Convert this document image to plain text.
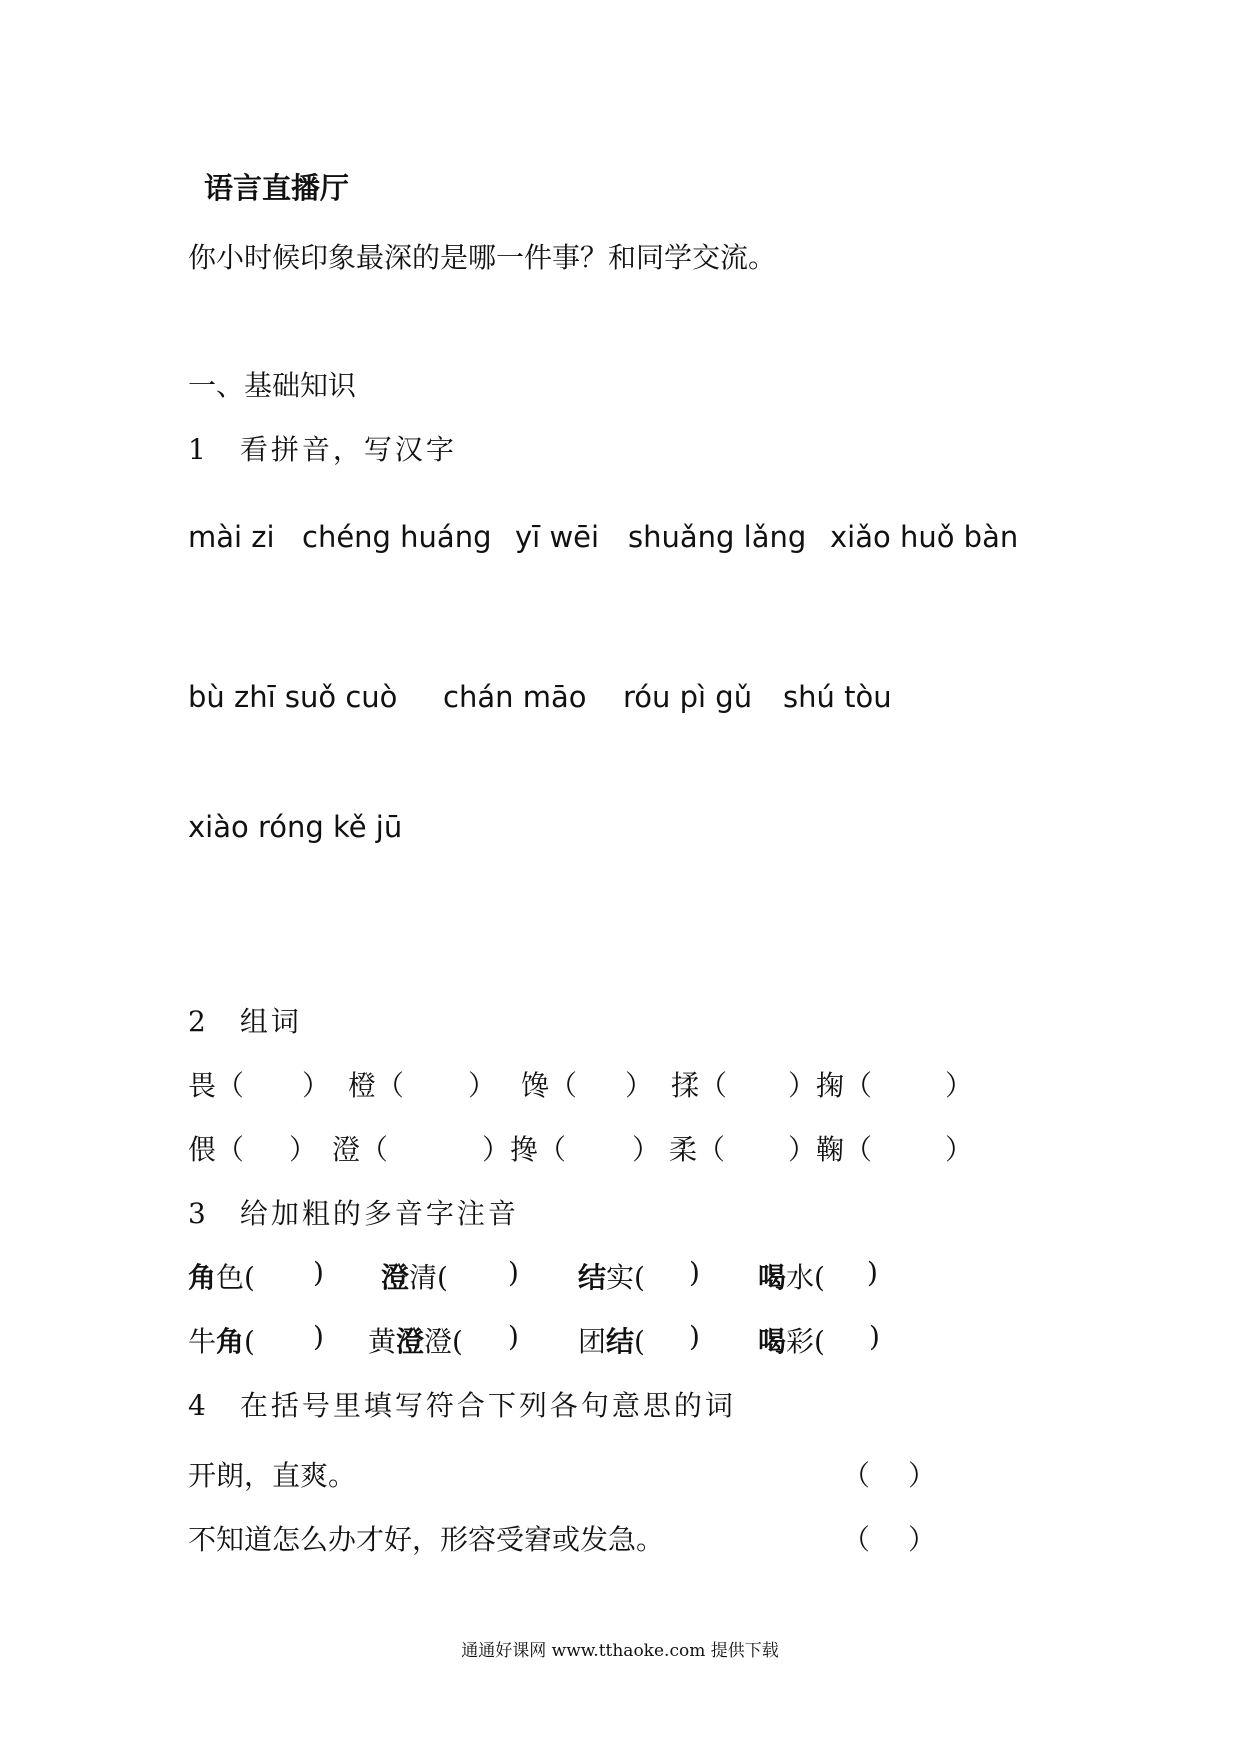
语言直播厅
你小时候印象最深的是哪一件事？和同学交流。
一、基础知识
1　看拼音，写汉字
mài zi chéng huáng yī wēi shuǎng lǎng xiǎo huǒ bàn
bù zhī suǒ cuò chán māo róu pì gǔ shú tòu
xiào róng kě jū
2　组词
畏（ ） 橙（ ） 馋（ ） 揉（ ）掬（	）
偎（ ） 澄（	）搀（ ） 柔（ ）鞠（	）
3　给加粗的多音字注音
角色( ) 澄清( ) 结实( ) 喝水( )
牛角( ) 黄澄澄( ) 团结( ) 喝彩( )
4　在括号里填写符合下列各句意思的词
开朗，直爽。	（ ）
不知道怎么办才好，形容受窘或发急。	（ ）
通通好课网 www.tthaoke.com 提供下载
